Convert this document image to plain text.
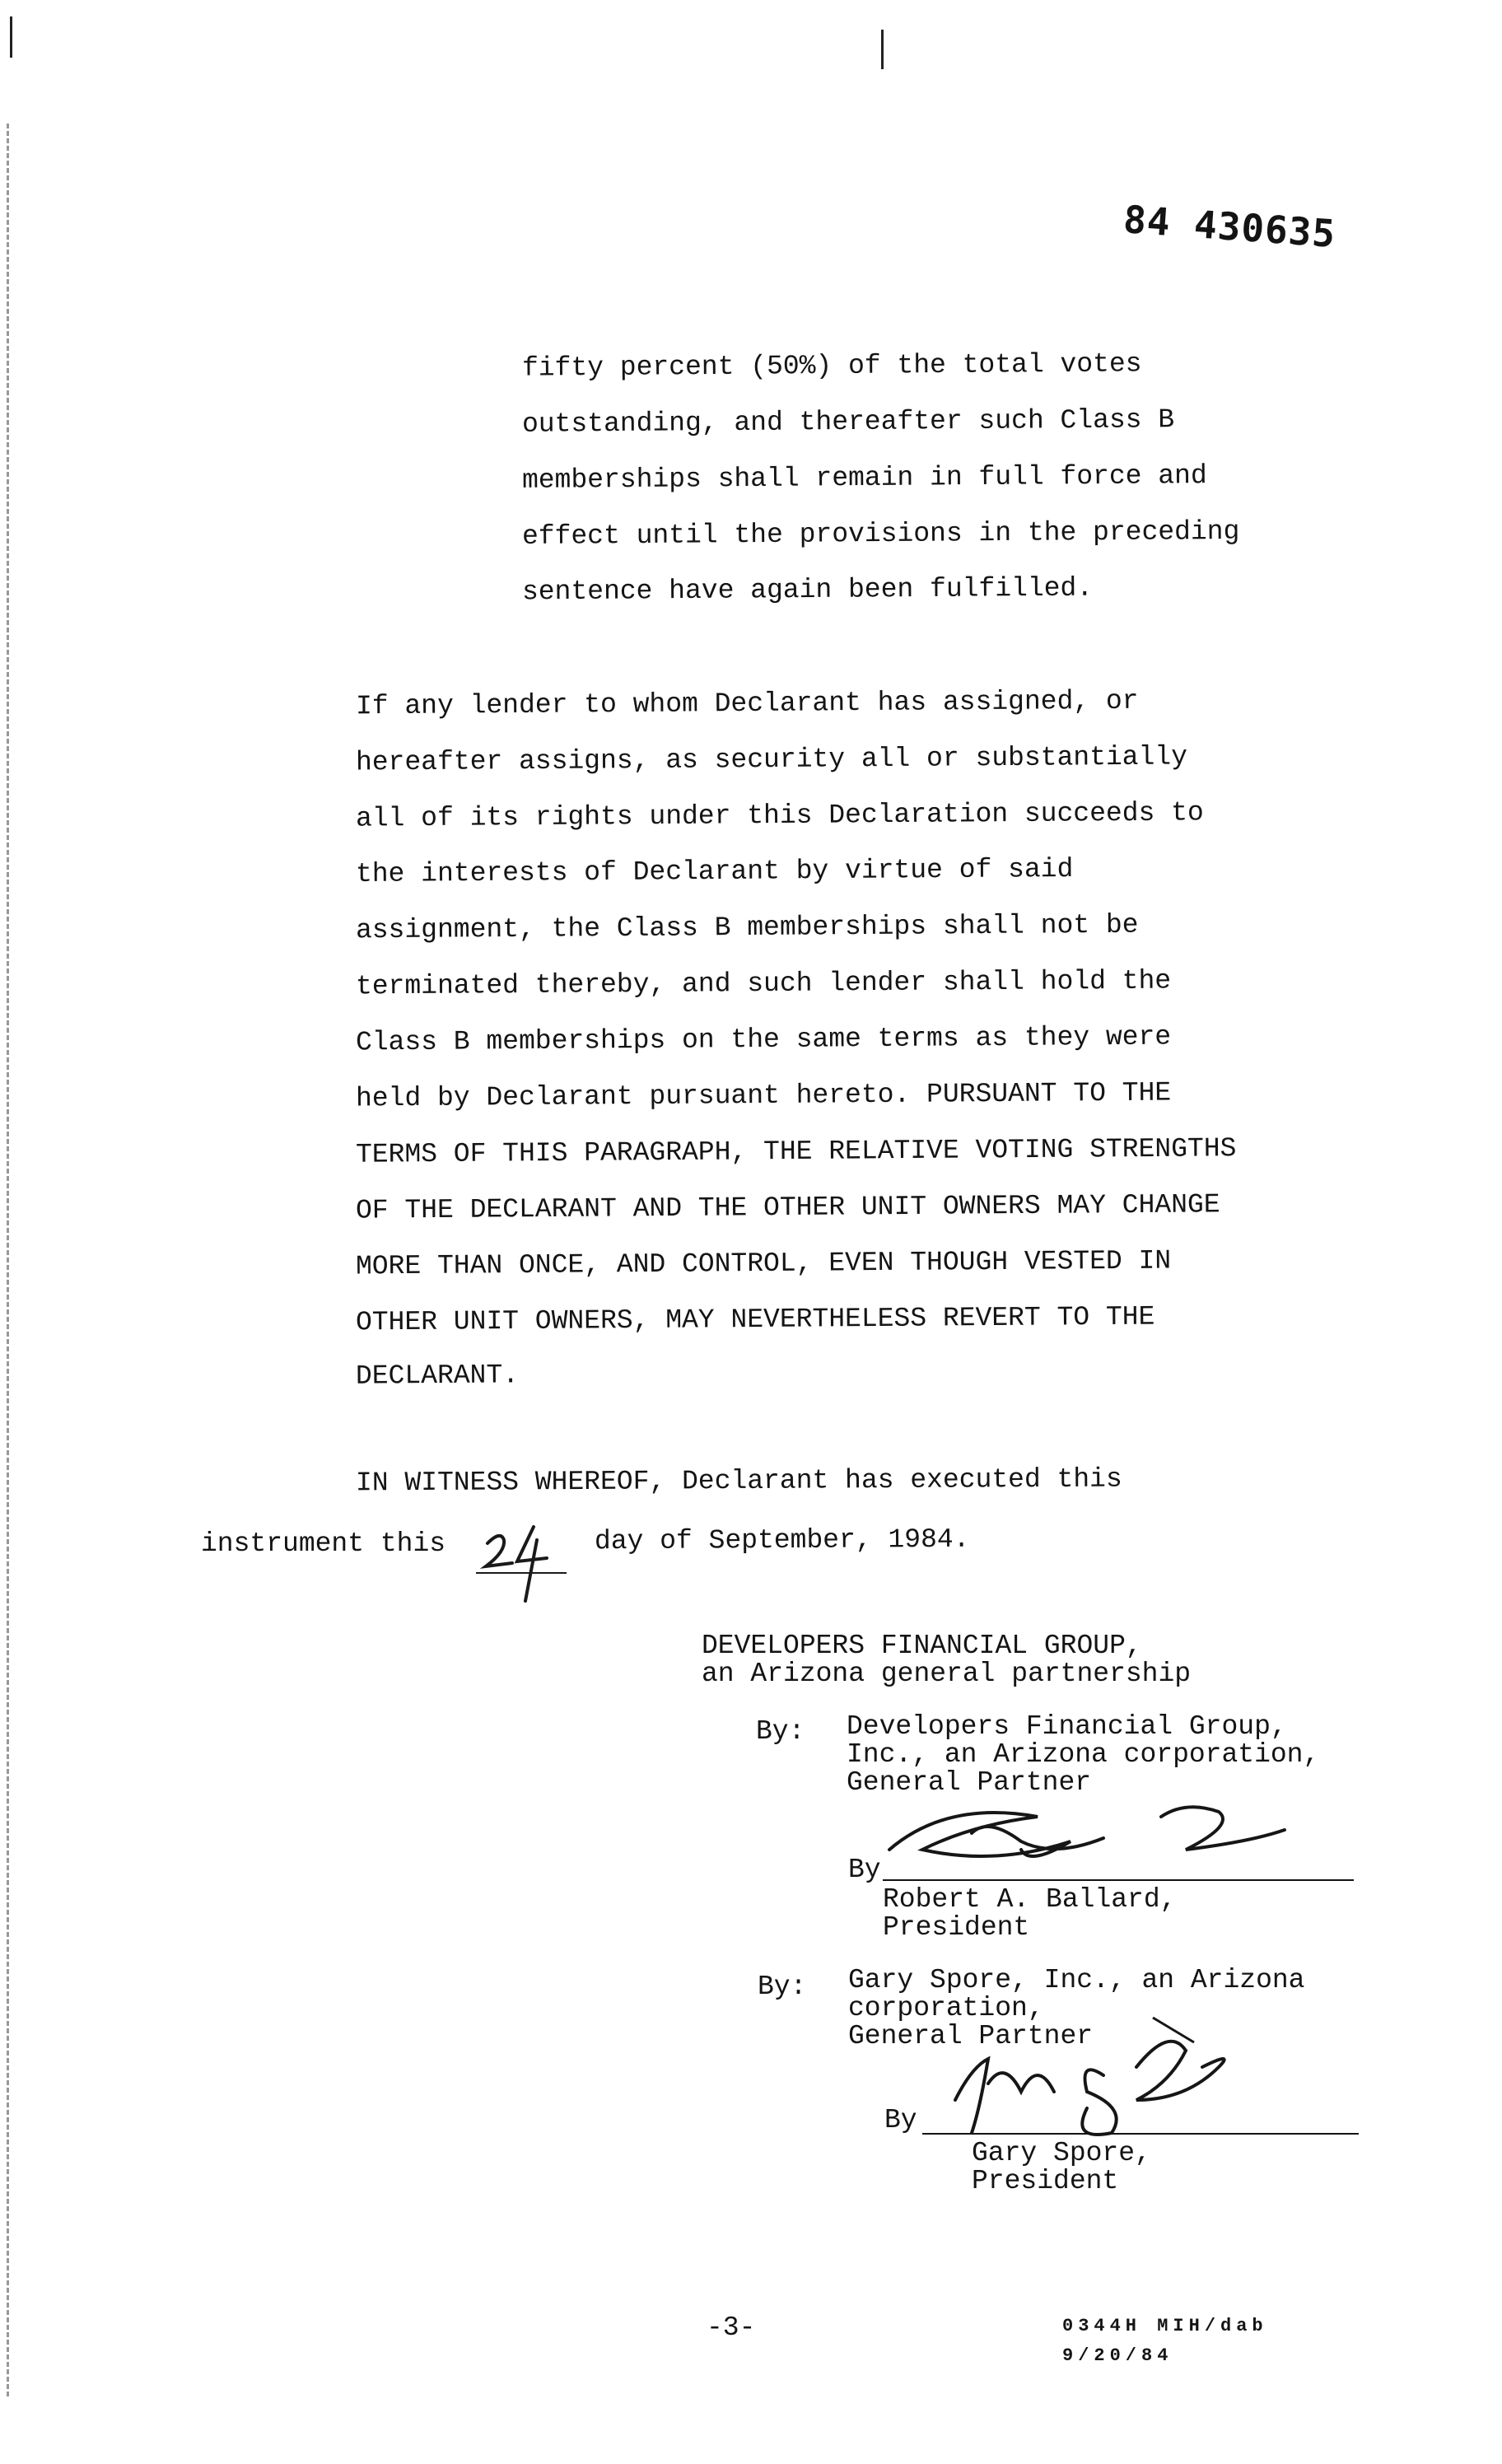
84 430635
fifty percent (50%) of the total votes
outstanding, and thereafter such Class B
memberships shall remain in full force and
effect until the provisions in the preceding
sentence have again been fulfilled.
If any lender to whom Declarant has assigned, or
hereafter assigns, as security all or substantially
all of its rights under this Declaration succeeds to
the interests of Declarant by virtue of said
assignment, the Class B memberships shall not be
terminated thereby, and such lender shall hold the
Class B memberships on the same terms as they were
held by Declarant pursuant hereto. PURSUANT TO THE
TERMS OF THIS PARAGRAPH, THE RELATIVE VOTING STRENGTHS
OF THE DECLARANT AND THE OTHER UNIT OWNERS MAY CHANGE
MORE THAN ONCE, AND CONTROL, EVEN THOUGH VESTED IN
OTHER UNIT OWNERS, MAY NEVERTHELESS REVERT TO THE
DECLARANT.
IN WITNESS WHEREOF, Declarant has executed this
instrument this	day of September, 1984.
DEVELOPERS FINANCIAL GROUP,
an Arizona general partnership
By: Developers Financial Group,
Inc., an Arizona corporation,
General Partner
By
Robert A. Ballard,
President
By: Gary Spore, Inc., an Arizona
corporation,
General Partner
By
Gary Spore,
President
-3-	0344H MIH/dab
9/20/84
